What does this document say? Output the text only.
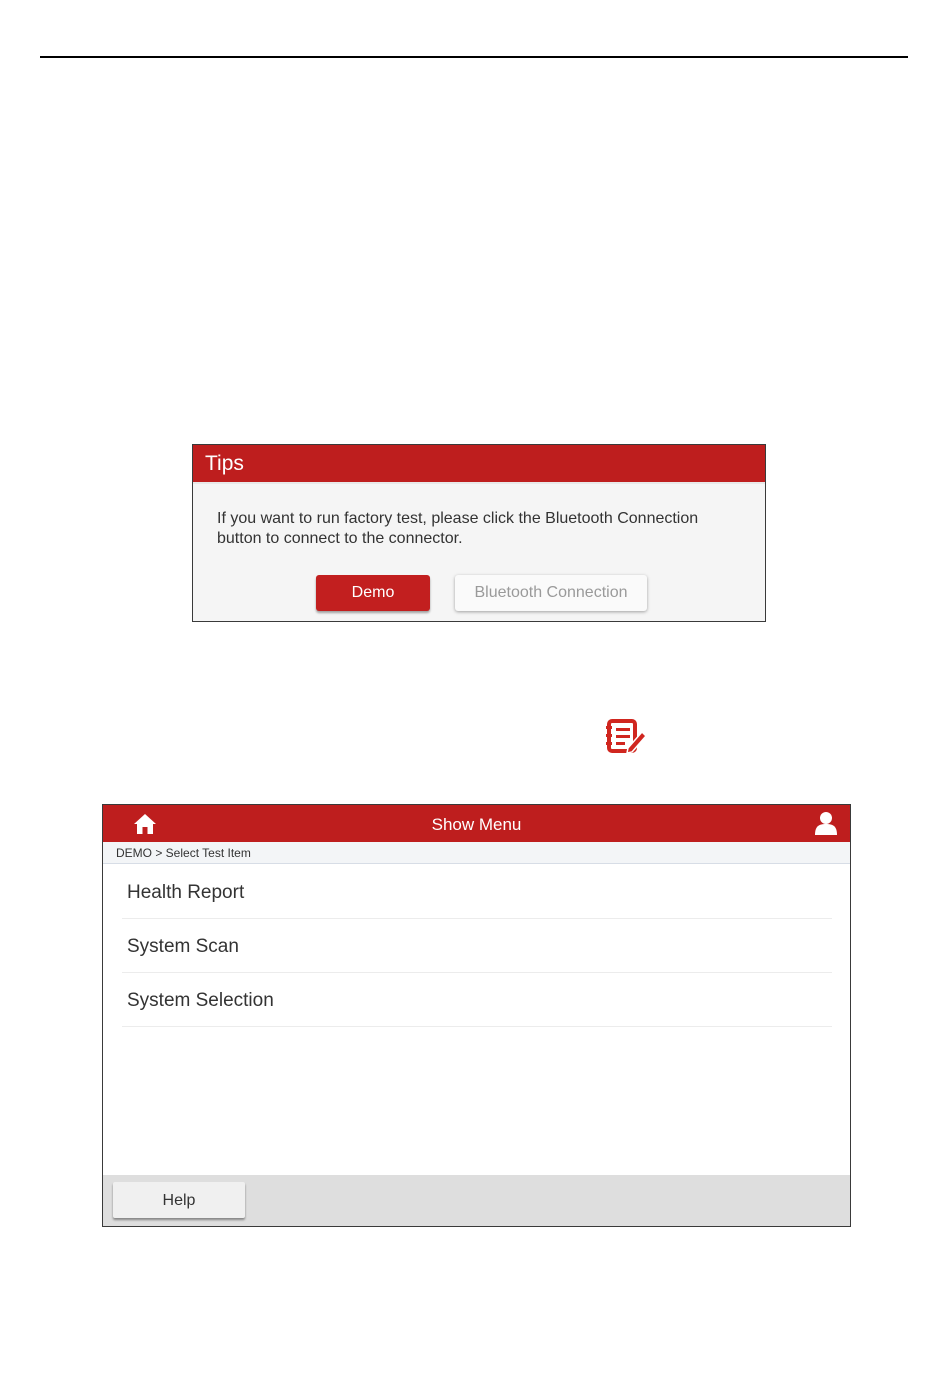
Tips
If you want to run factory test, please click the Bluetooth Connection button to connect to the connector.
Demo	Bluetooth Connection
Show Menu
DEMO > Select Test Item
Health Report
System Scan
System Selection
Help
